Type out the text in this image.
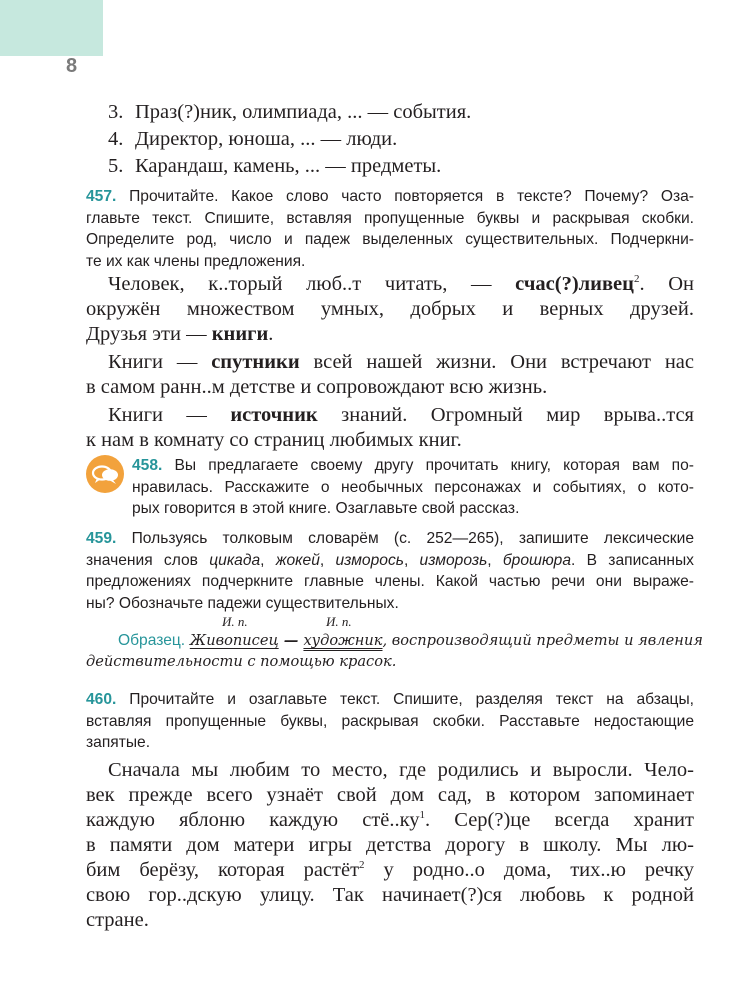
8
3. Праз(?)ник, олимпиада, ... — события.
4. Директор, юноша, ... — люди.
5. Карандаш, камень, ... — предметы.
457. Прочитайте. Какое слово часто повторяется в тексте? Почему? Оза-
главьте текст. Спишите, вставляя пропущенные буквы и раскрывая скобки.
Определите род, число и падеж выделенных существительных. Подчеркни-
те их как члены предложения.
Человек, к..торый люб..т читать, — счас(?)ливец$^2$. Он
окружён множеством умных, добрых и верных друзей.
Друзья эти — книги.
Книги — спутники всей нашей жизни. Они встречают нас
в самом ранн..м детстве и сопровождают всю жизнь.
Книги — источник знаний. Огромный мир врыва..тся
к нам в комнату со страниц любимых книг.
458. Вы предлагаете своему другу прочитать книгу, которая вам по-
нравилась. Расскажите о необычных персонажах и событиях, о кото-
рых говорится в этой книге. Озаглавьте свой рассказ.
459. Пользуясь толковым словарём (с. 252—265), запишите лексические
значения слов цикада, жокей, изморось, изморозь, брошюра. В записанных
предложениях подчеркните главные члены. Какой частью речи они выраже-
ны? Обозначьте падежи существительных.
И. п.	И. п.
Образец. Живописец — художник, воспроизводящий предметы и явления
действительности с помощью красок.
460. Прочитайте и озаглавьте текст. Спишите, разделяя текст на абзацы,
вставляя пропущенные буквы, раскрывая скобки. Расставьте недостающие
запятые.
Сначала мы любим то место, где родились и выросли. Чело-
век прежде всего узнаёт свой дом сад, в котором запоминает
каждую яблоню каждую $стё..ку^1$. Сер(?)це всегда хранит
в памяти дом матери игры детства дорогу в школу. Мы лю-
бим берёзу, которая растёт$^2$ у родно..о дома, тих..ю речку
свою гор..дскую улицу. Так начинает(?)ся любовь к родной
стране.
